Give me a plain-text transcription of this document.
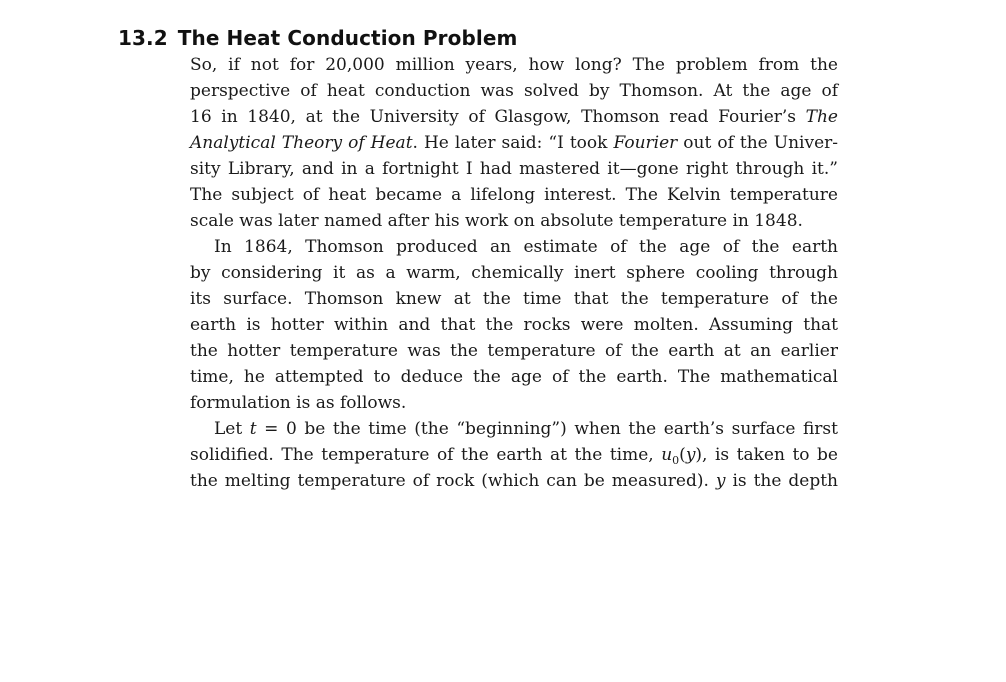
13.2 The Heat Conduction Problem
So, if not for 20,000 million years, how long? The problem from the
perspective of heat conduction was solved by Thomson. At the age of
16 in 1840, at the University of Glasgow, Thomson read Fourier’s The
Analytical Theory of Heat. He later said: “I took Fourier out of the Univer-
sity Library, and in a fortnight I had mastered it—gone right through it.”
The subject of heat became a lifelong interest. The Kelvin temperature
scale was later named after his work on absolute temperature in 1848.
In 1864, Thomson produced an estimate of the age of the earth
by considering it as a warm, chemically inert sphere cooling through
its surface. Thomson knew at the time that the temperature of the
earth is hotter within and that the rocks were molten. Assuming that
the hotter temperature was the temperature of the earth at an earlier
time, he attempted to deduce the age of the earth. The mathematical
formulation is as follows.
Let t = 0 be the time (the “beginning”) when the earth’s surface first
solidified. The temperature of the earth at the time, $u_0(y)$, is taken to be
the melting temperature of rock (which can be measured). y is the depth
